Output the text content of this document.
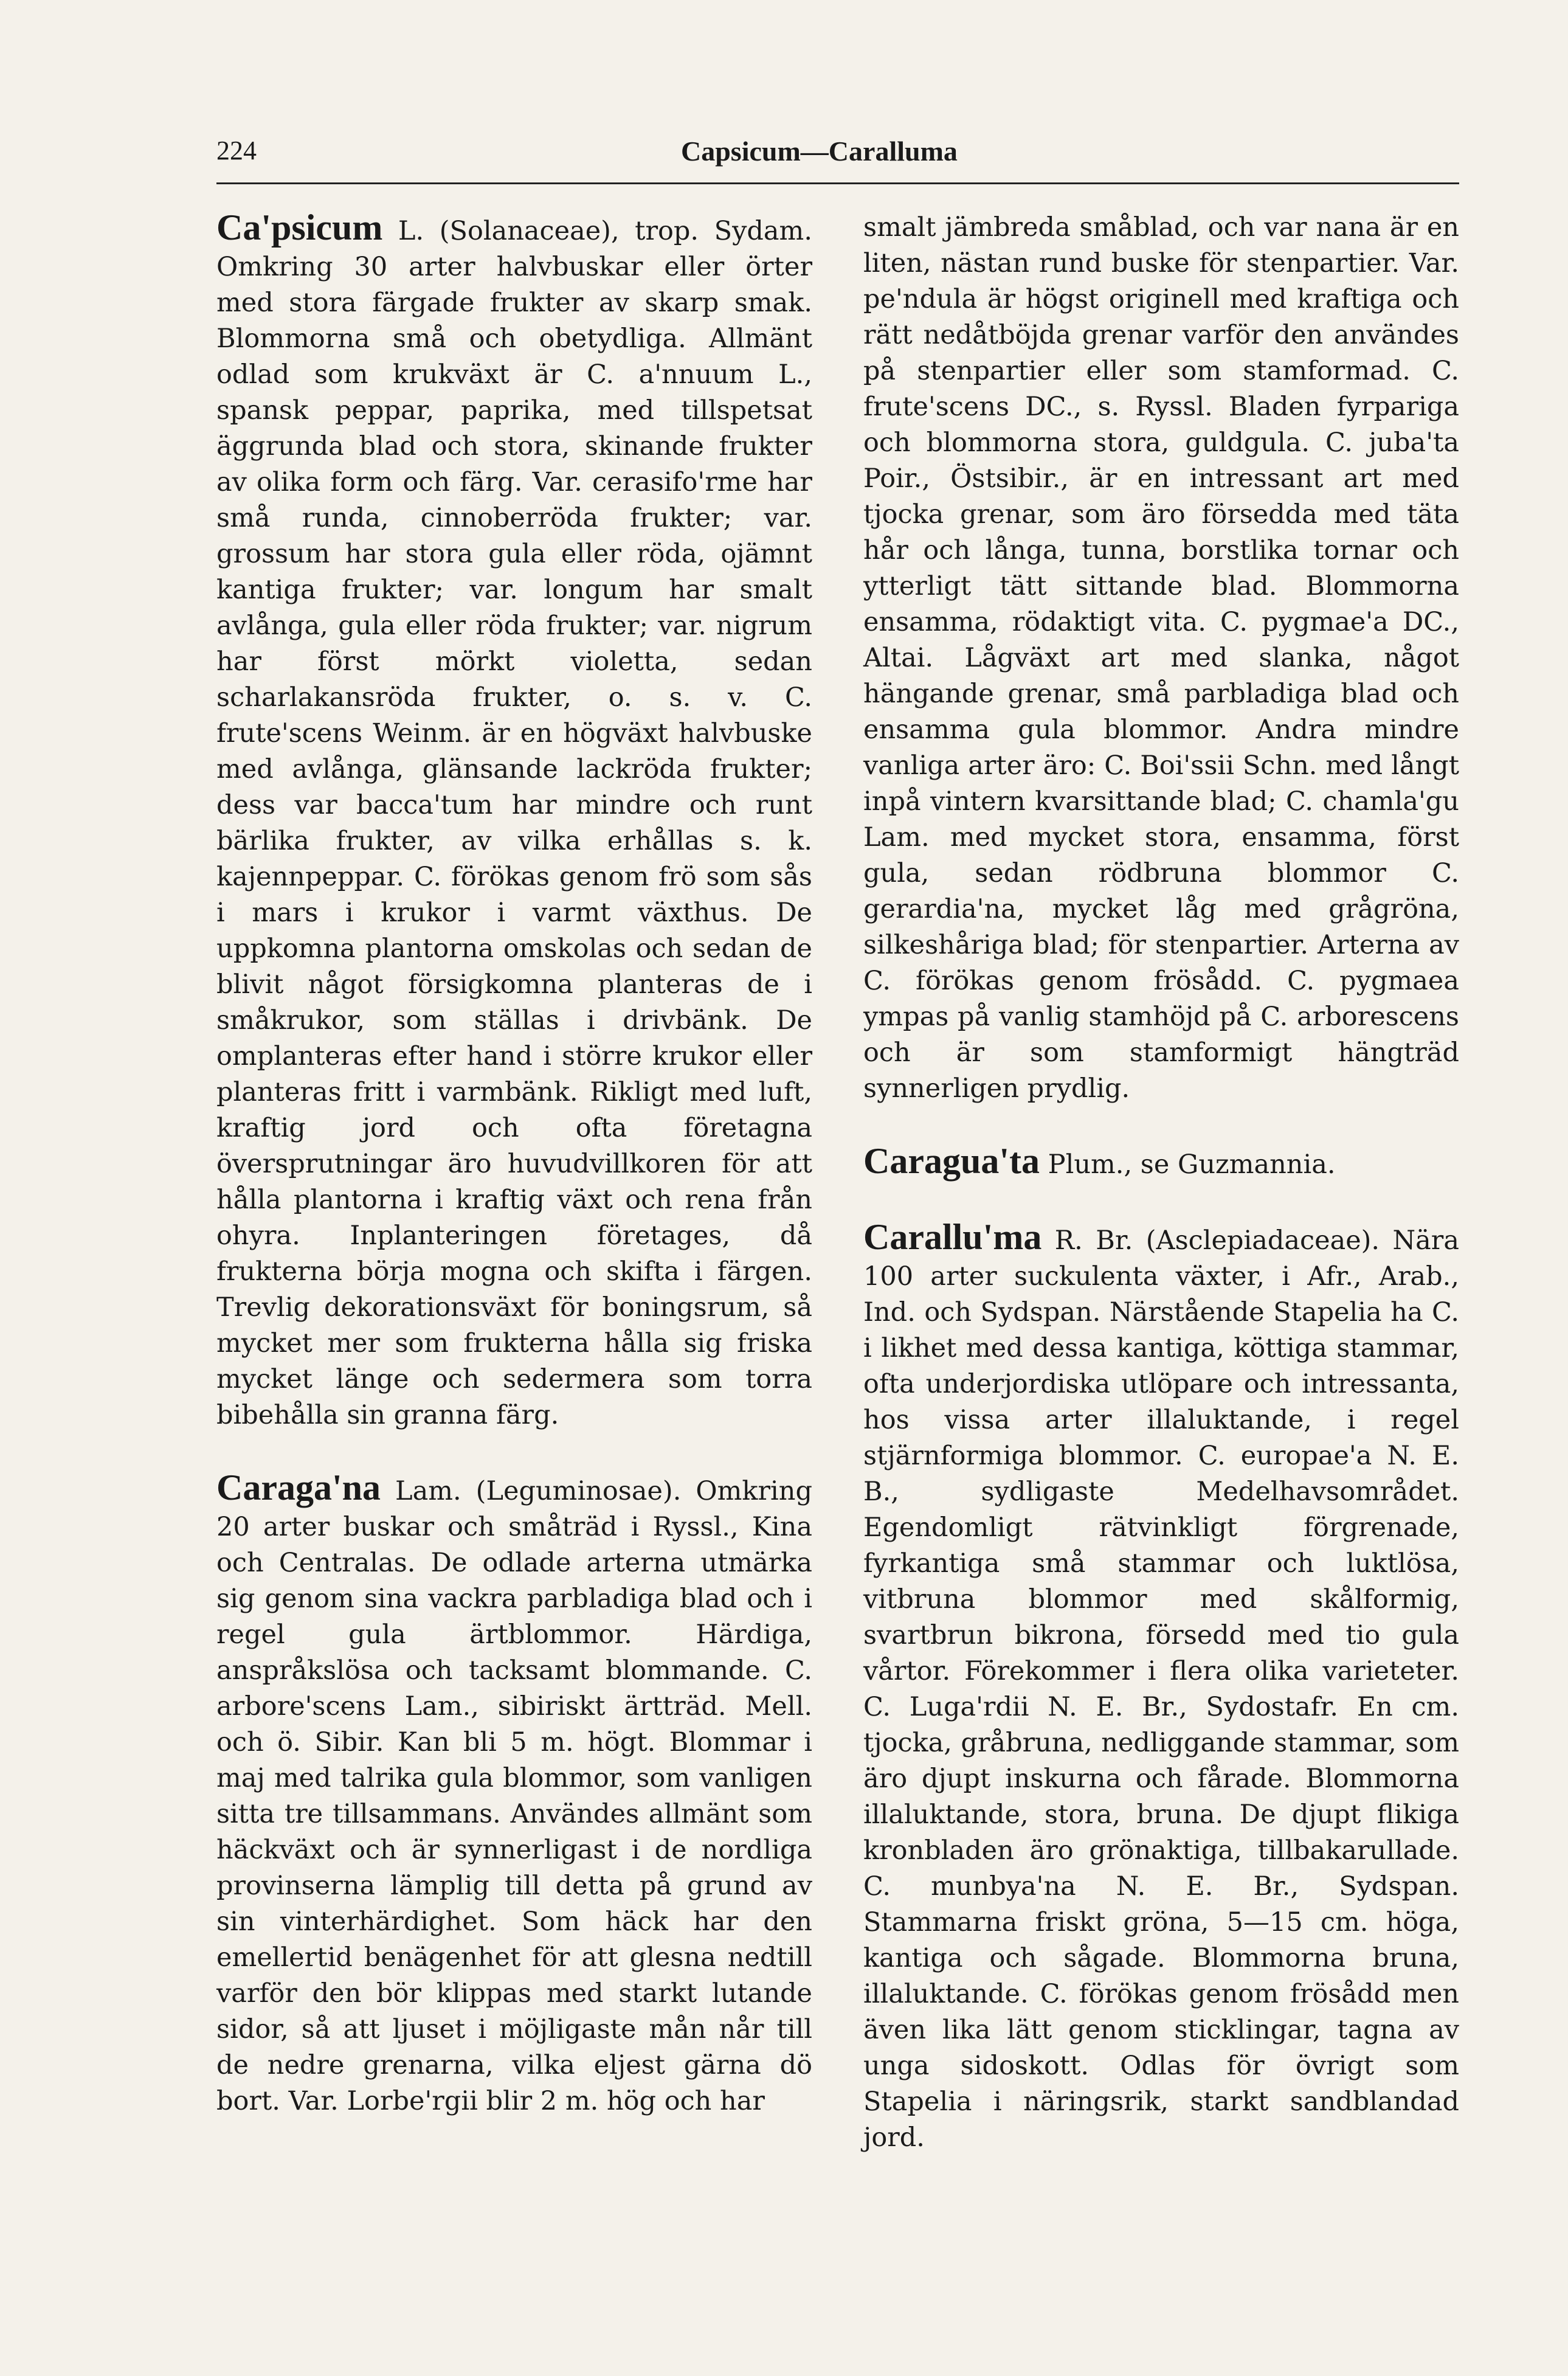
224	Capsicum—Caralluma

Ca'psicum L. (Solanaceae), trop. Sydam. Omkring 30 arter halvbuskar eller örter med stora färgade frukter av skarp smak. Blommorna små och obetydliga. Allmänt odlad som krukväxt är C. a'nnuum L., spansk peppar, paprika, med tillspetsat äggrunda blad och stora, skinande frukter av olika form och färg. Var. cerasifo'rme har små runda, cinnoberröda frukter; var. grossum har stora gula eller röda, ojämnt kantiga frukter; var. longum har smalt avlånga, gula eller röda frukter; var. nigrum har först mörkt violetta, sedan scharlakansröda frukter, o. s. v. C. frute'scens Weinm. är en högväxt halvbuske med avlånga, glänsande lackröda frukter; dess var bacca'tum har mindre och runt bärlika frukter, av vilka erhållas s. k. kajennpeppar. C. förökas genom frö som sås i mars i krukor i varmt växthus. De uppkomna plantorna omskolas och sedan de blivit något försigkomna planteras de i småkrukor, som ställas i drivbänk. De omplanteras efter hand i större krukor eller planteras fritt i varmbänk. Rikligt med luft, kraftig jord och ofta företagna översprutningar äro huvudvillkoren för att hålla plantorna i kraftig växt och rena från ohyra. Inplanteringen företages, då frukterna börja mogna och skifta i färgen. Trevlig dekorationsväxt för boningsrum, så mycket mer som frukterna hålla sig friska mycket länge och sedermera som torra bibehålla sin granna färg.

Caraga'na Lam. (Leguminosae). Omkring 20 arter buskar och småträd i Ryssl., Kina och Centralas. De odlade arterna utmärka sig genom sina vackra parbladiga blad och i regel gula ärtblommor. Härdiga, anspråkslösa och tacksamt blommande. C. arbore'scens Lam., sibiriskt ärtträd. Mell. och ö. Sibir. Kan bli 5 m. högt. Blommar i maj med talrika gula blommor, som vanligen sitta tre tillsammans. Användes allmänt som häckväxt och är synnerligast i de nordliga provinserna lämplig till detta på grund av sin vinterhärdighet. Som häck har den emellertid benägenhet för att glesna nedtill varför den bör klippas med starkt lutande sidor, så att ljuset i möjligaste mån når till de nedre grenarna, vilka eljest gärna dö bort. Var. Lorbe'rgii blir 2 m. hög och har

smalt jämbreda småblad, och var nana är en liten, nästan rund buske för stenpartier. Var. pe'ndula är högst originell med kraftiga och rätt nedåtböjda grenar varför den användes på stenpartier eller som stamformad. C. frute'scens DC., s. Ryssl. Bladen fyrpariga och blommorna stora, guldgula. C. juba'ta Poir., Östsibir., är en intressant art med tjocka grenar, som äro försedda med täta hår och långa, tunna, borstlika tornar och ytterligt tätt sittande blad. Blommorna ensamma, rödaktigt vita. C. pygmae'a DC., Altai. Lågväxt art med slanka, något hängande grenar, små parbladiga blad och ensamma gula blommor. Andra mindre vanliga arter äro: C. Boi'ssii Schn. med långt inpå vintern kvarsittande blad; C. chamla'gu Lam. med mycket stora, ensamma, först gula, sedan rödbruna blommor C. gerardia'na, mycket låg med grågröna, silkeshåriga blad; för stenpartier. Arterna av C. förökas genom frösådd. C. pygmaea ympas på vanlig stamhöjd på C. arborescens och är som stamformigt hängträd synnerligen prydlig.

Caragua'ta Plum., se Guzmannia.

Carallu'ma R. Br. (Asclepiadaceae). Nära 100 arter suckulenta växter, i Afr., Arab., Ind. och Sydspan. Närstående Stapelia ha C. i likhet med dessa kantiga, köttiga stammar, ofta underjordiska utlöpare och intressanta, hos vissa arter illaluktande, i regel stjärnformiga blommor. C. europae'a N. E. B., sydligaste Medelhavsområdet. Egendomligt rätvinkligt förgrenade, fyrkantiga små stammar och luktlösa, vitbruna blommor med skålformig, svartbrun bikrona, försedd med tio gula vårtor. Förekommer i flera olika varieteter. C. Luga'rdii N. E. Br., Sydostafr. En cm. tjocka, gråbruna, nedliggande stammar, som äro djupt inskurna och fårade. Blommorna illaluktande, stora, bruna. De djupt flikiga kronbladen äro grönaktiga, tillbakarullade. C. munbya'na N. E. Br., Sydspan. Stammarna friskt gröna, 5—15 cm. höga, kantiga och sågade. Blommorna bruna, illaluktande. C. förökas genom frösådd men även lika lätt genom sticklingar, tagna av unga sidoskott. Odlas för övrigt som Stapelia i näringsrik, starkt sandblandad jord.
